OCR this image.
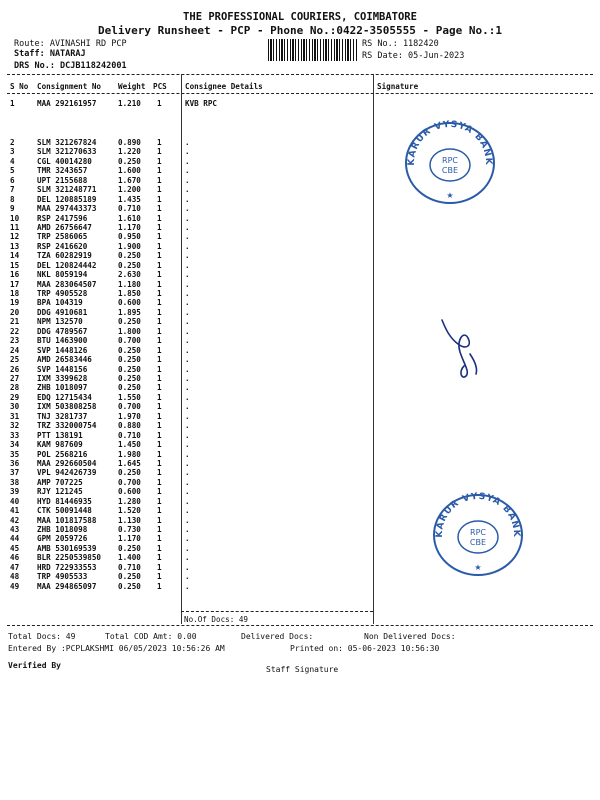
THE PROFESSIONAL COURIERS, COIMBATORE
Delivery Runsheet - PCP - Phone No.:0422-3505555 - Page No.:1
Route: AVINASHI RD PCP
Staff: NATARAJ
DRS No.: DCJB118242001
RS No.: 1182420
RS Date: 05-Jun-2023
S No Consignment No Weight PCS Consignee Details	Signature
1	MAA 292161957	1.210 1	KVB RPC
2	SLM 321267824	0.890 1	.
3	SLM 321270633	1.220 1	.
4	CGL 40014280	0.250 1	.
5	TMR 3243657	1.600 1	.
6	UPT 2155688	1.670 1	.
7	SLM 321248771	1.200 1	.
8	DEL 120885189	1.435 1	.
9	MAA 297443373	0.710 1	.
10 RSP 2417596	1.610 1	.
11 AMD 26756647	1.170 1	.
12 TRP 2586065	0.950 1	.
13 RSP 2416620	1.900 1	.
14 TZA 60282919	0.250 1	.
15 DEL 120824442	0.250 1	.
16 NKL 8059194	2.630 1	.
17 MAA 283064507	1.180 1	.
18 TRP 4905528	1.850 1	.
19 BPA 104319	0.600 1	.
20 DDG 4910681	1.895 1	.
21 NPM 132570	0.250 1	.
22 DDG 4789567	1.800 1	.
23 BTU 1463900	0.700 1	.
24 SVP 1448126	0.250 1	.
25 AMD 26583446	0.250 1	.
26 SVP 1448156	0.250 1	.
27 IXM 3399628	0.250 1	.
28 ZHB 1018097	0.250 1	.
29 EDQ 12715434	1.550 1	.
30 IXM 503808258	0.700 1	.
31 TNJ 3281737	1.970 1	.
32 TRZ 332000754	0.880 1	.
33 PTT 138191	0.710 1	.
34 KAM 987609	1.450 1	.
35 POL 2568216	1.980 1	.
36 MAA 292660504	1.645 1	.
37 VPL 942426739	0.250 1	.
38 AMP 707225	0.700 1	.
39 RJY 121245	0.600 1	.
40 HYD 81446935	1.280 1	.
41 CTK 50091448	1.520 1	.
42 MAA 101817588	1.130 1	.
43 ZHB 1018098	0.730 1	.
44 GPM 2059726	1.170 1	.
45 AMB 530169539	0.250 1	.
46 BLR 2250539850 1.400 1	.
47 HRD 722933553	0.710 1	.
48 TRP 4905533	0.250 1	.
49 MAA 294865097	0.250 1	.
No.Of Docs: 49
Total Docs: 49	Total COD Amt: 0.00	Delivered Docs:	Non Delivered Docs:
Entered By :PCPLAKSHMI 06/05/2023 10:56:26 AM	Printed on: 05-06-2023 10:56:30
Verified By	Staff Signature
KARUR VYSYA BANK
RPC
CBE
★
KARUR VYSYA BANK
RPC
CBE
★
